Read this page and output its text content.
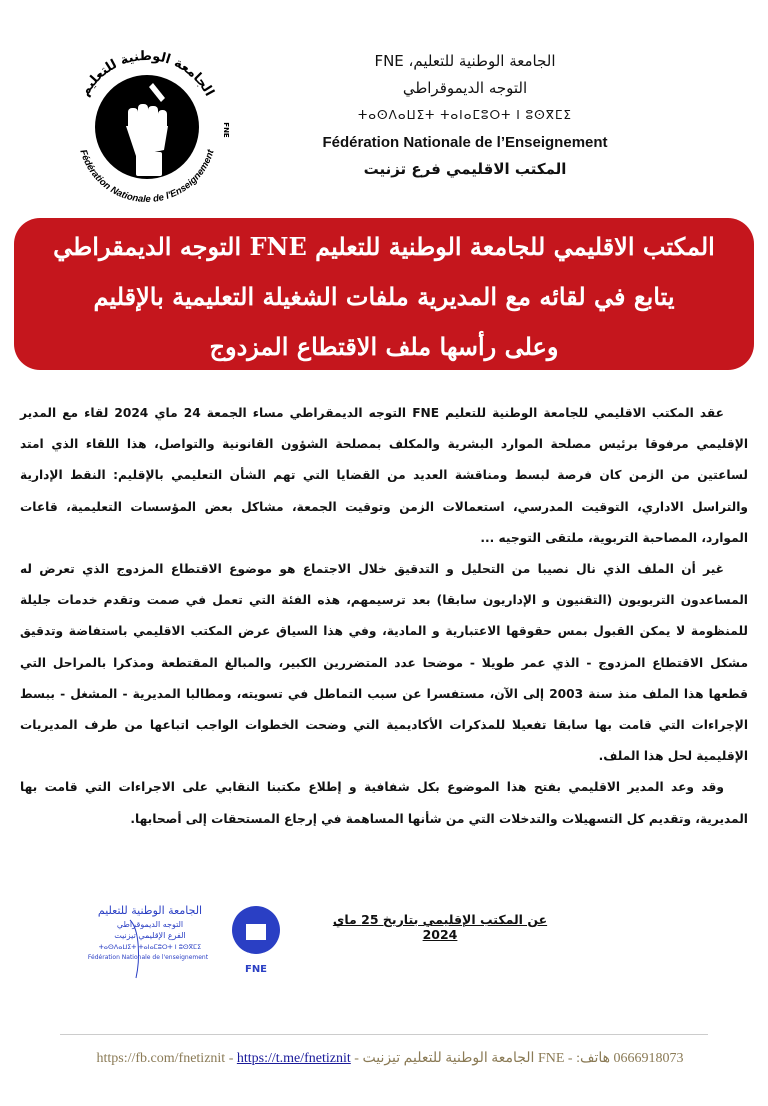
الجامعة الوطنية للتعليم
Fédération Nationale de l'Enseignement
FNE
الجامعة الوطنية للتعليم، FNE
التوجه الديموقراطي
ⵜⴰⵙⴷⴰⵡⵉⵜ ⵜⴰⵏⴰⵎⵓⵔⵜ ⵏ ⵓⵙⴳⵎⵉ
Fédération Nationale de l’Enseignement
المكتب الاقليمي فرع تزنيت
المكتب الاقليمي للجامعة الوطنية للتعليم FNE التوجه الديمقراطي
يتابع في لقائه مع المديرية ملفات الشغيلة التعليمية بالإقليم
وعلى رأسها ملف الاقتطاع المزدوج

عقد المكتب الاقليمي للجامعة الوطنية للتعليم FNE التوجه الديمقراطي مساء الجمعة 24 ماي 2024 لقاء مع المدير الإقليمي مرفوقا برئيس مصلحة الموارد البشرية والمكلف بمصلحة الشؤون القانونية والتواصل، هذا اللقاء الذي امتد لساعتين من الزمن كان فرصة لبسط ومناقشة العديد من القضايا التي تهم الشأن التعليمي بالإقليم: النقط الإدارية والتراسل الاداري، التوقيت المدرسي، استعمالات الزمن وتوقيت الجمعة، مشاكل بعض المؤسسات التعليمية، قاعات الموارد، المصاحبة التربوية، ملتقى التوجيه ...

غير أن الملف الذي نال نصيبا من التحليل و التدقيق خلال الاجتماع هو موضوع الاقتطاع المزدوج الذي تعرض له المساعدون التربويون (التقنيون و الإداريون سابقا) بعد ترسيمهم، هذه الفئة التي تعمل في صمت وتقدم خدمات جليلة للمنظومة لا يمكن القبول بمس حقوقها الاعتبارية و المادية، وفي هذا السياق عرض المكتب الاقليمي باستفاضة وتدقيق مشكل الاقتطاع المزدوج - الذي عمر طويلا - موضحا عدد المتضررين الكبير، والمبالغ المقتطعة ومذكرا بالمراحل التي قطعها هذا الملف منذ سنة 2003 إلى الآن، مستفسرا عن سبب التماطل في تسويته، ومطالبا المديرية - المشغل - ببسط الإجراءات التي قامت بها سابقا تفعيلا للمذكرات الأكاديمية التي وضحت الخطوات الواجب اتباعها من طرف المديريات الإقليمية لحل هذا الملف.

وقد وعد المدير الاقليمي بفتح هذا الموضوع بكل شفافية و إطلاع مكتبنا النقابي على الاجراءات التي قامت بها المديرية، وتقديم كل التسهيلات والتدخلات التي من شأنها المساهمة في إرجاع المستحقات إلى أصحابها.

الجامعة الوطنية للتعليم
التوجه الديموقراطي
الفرع الإقليمي تيزنيت
ⵜⴰⵙⴷⴰⵡⵉⵜ ⵜⴰⵏⴰⵎⵓⵔⵜ ⵏ ⵓⵙⴳⵎⵉ
Fédération Nationale de l'enseignement
FNE
عن المكتب الإقليمي بتاريخ 25 ماي 2024
https://fb.com/fnetiznit - https://t.me/fnetiznit - 0666918073 هاتف: - FNE الجامعة الوطنية للتعليم تيزنيت
